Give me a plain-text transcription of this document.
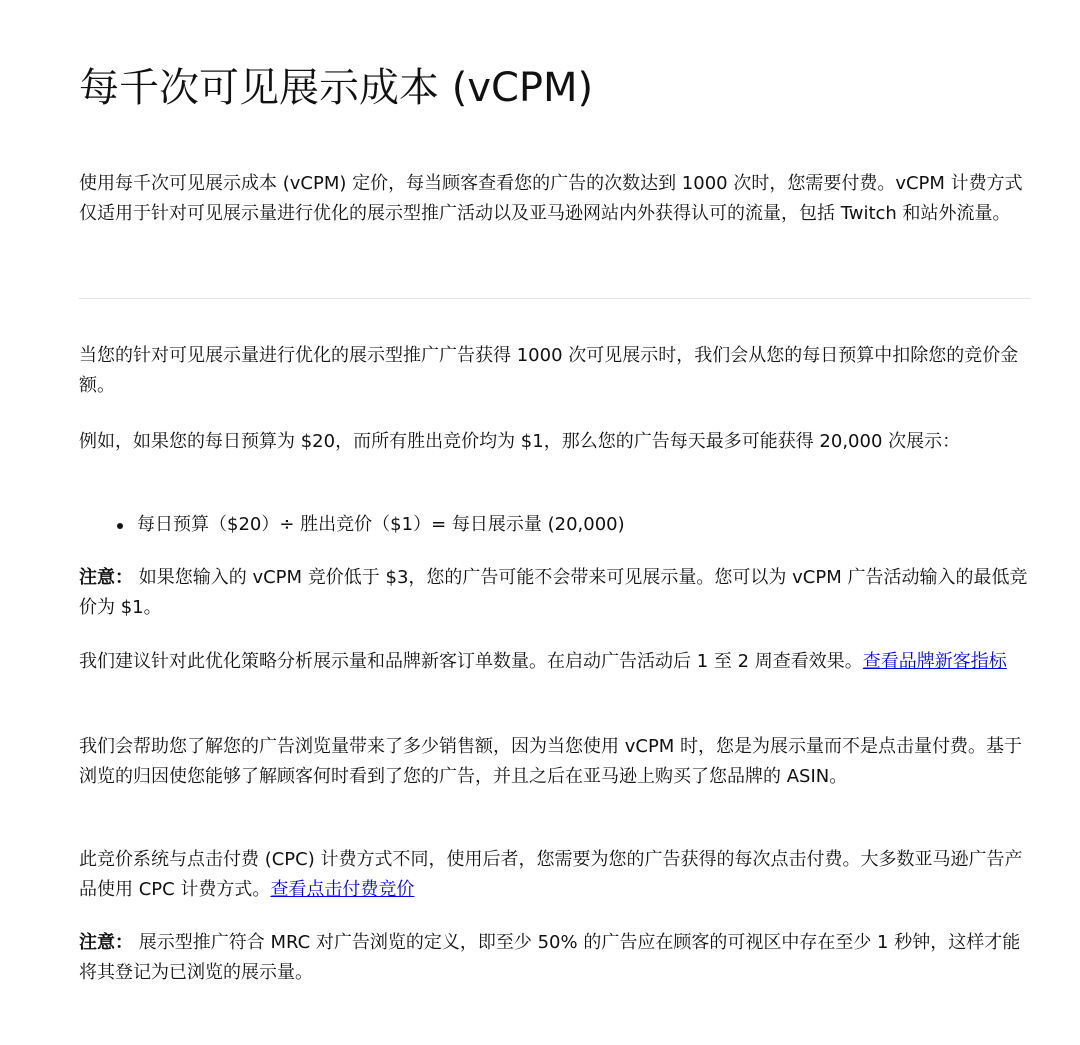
每千次可见展示成本 (vCPM)

使用每千次可见展示成本 (vCPM) 定价，每当顾客查看您的广告的次数达到 1000 次时，您需要付费。vCPM 计费方式仅适用于针对可见展示量进行优化的展示型推广活动以及亚马逊网站内外获得认可的流量，包括 Twitch 和站外流量。

当您的针对可见展示量进行优化的展示型推广广告获得 1000 次可见展示时，我们会从您的每日预算中扣除您的竞价金额。

例如，如果您的每日预算为 $20，而所有胜出竞价均为 $1，那么您的广告每天最多可能获得 20,000 次展示：

每日预算（$20）÷ 胜出竞价（$1）= 每日展示量 (20,000)

注意： 如果您输入的 vCPM 竞价低于 $3，您的广告可能不会带来可见展示量。您可以为 vCPM 广告活动输入的最低竞价为 $1。

我们建议针对此优化策略分析展示量和品牌新客订单数量。在启动广告活动后 1 至 2 周查看效果。查看品牌新客指标

我们会帮助您了解您的广告浏览量带来了多少销售额，因为当您使用 vCPM 时，您是为展示量而不是点击量付费。基于浏览的归因使您能够了解顾客何时看到了您的广告，并且之后在亚马逊上购买了您品牌的 ASIN。

此竞价系统与点击付费 (CPC) 计费方式不同，使用后者，您需要为您的广告获得的每次点击付费。大多数亚马逊广告产品使用 CPC 计费方式。查看点击付费竞价

注意： 展示型推广符合 MRC 对广告浏览的定义，即至少 50% 的广告应在顾客的可视区中存在至少 1 秒钟，这样才能将其登记为已浏览的展示量。
